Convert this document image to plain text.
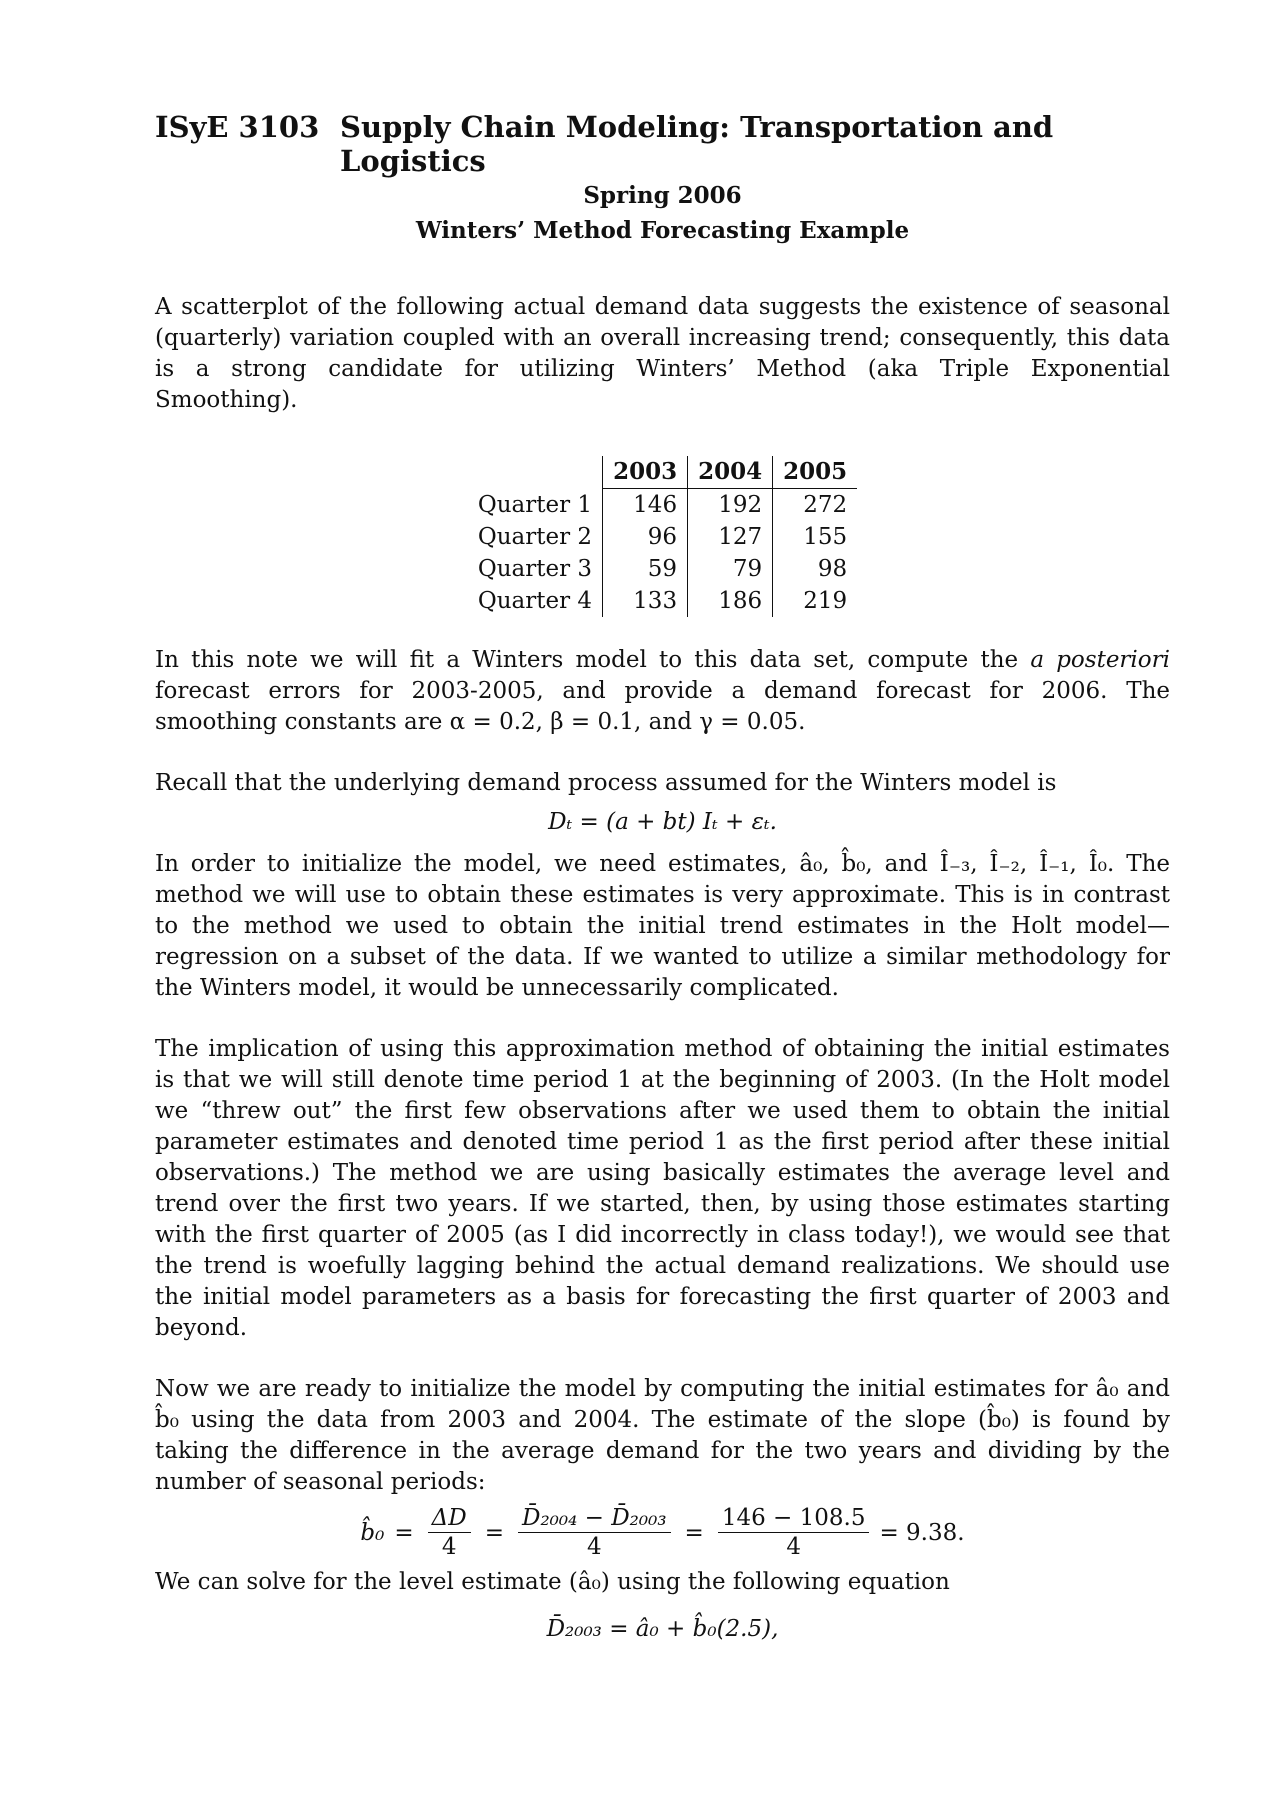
ISyE 3103 Supply Chain Modeling: Transportation and Logistics
Spring 2006
Winters’ Method Forecasting Example

A scatterplot of the following actual demand data suggests the existence of seasonal (quarterly) variation coupled with an overall increasing trend; consequently, this data is a strong candidate for utilizing Winters’ Method (aka Triple Exponential Smoothing).

	2003	2004	2005
Quarter 1	146	192	272
Quarter 2	96	127	155
Quarter 3	59	79	98
Quarter 4	133	186	219

In this note we will fit a Winters model to this data set, compute the a posteriori forecast errors for 2003-2005, and provide a demand forecast for 2006. The smoothing constants are α = 0.2, β = 0.1, and γ = 0.05.

Recall that the underlying demand process assumed for the Winters model is

Dₜ = (a + bt) Iₜ + εₜ.

In order to initialize the model, we need estimates, â₀, b̂₀, and Î₋₃, Î₋₂, Î₋₁, Î₀. The method we will use to obtain these estimates is very approximate. This is in contrast to the method we used to obtain the initial trend estimates in the Holt model—regression on a subset of the data. If we wanted to utilize a similar methodology for the Winters model, it would be unnecessarily complicated.

The implication of using this approximation method of obtaining the initial estimates is that we will still denote time period 1 at the beginning of 2003. (In the Holt model we “threw out” the first few observations after we used them to obtain the initial parameter estimates and denoted time period 1 as the first period after these initial observations.) The method we are using basically estimates the average level and trend over the first two years. If we started, then, by using those estimates starting with the first quarter of 2005 (as I did incorrectly in class today!), we would see that the trend is woefully lagging behind the actual demand realizations. We should use the initial model parameters as a basis for forecasting the first quarter of 2003 and beyond.

Now we are ready to initialize the model by computing the initial estimates for â₀ and b̂₀ using the data from 2003 and 2004. The estimate of the slope (b̂₀) is found by taking the difference in the average demand for the two years and dividing by the number of seasonal periods:

b̂₀ = $\frac{\Delta D}{4} = \frac{\text{D̄₂₀₀₄ − D̄₂₀₀₃}}{4} = \frac{146 - 108.5}{4} = 9.38$.

We can solve for the level estimate (â₀) using the following equation

D̄₂₀₀₃ = â₀ + b̂₀(2.5),
